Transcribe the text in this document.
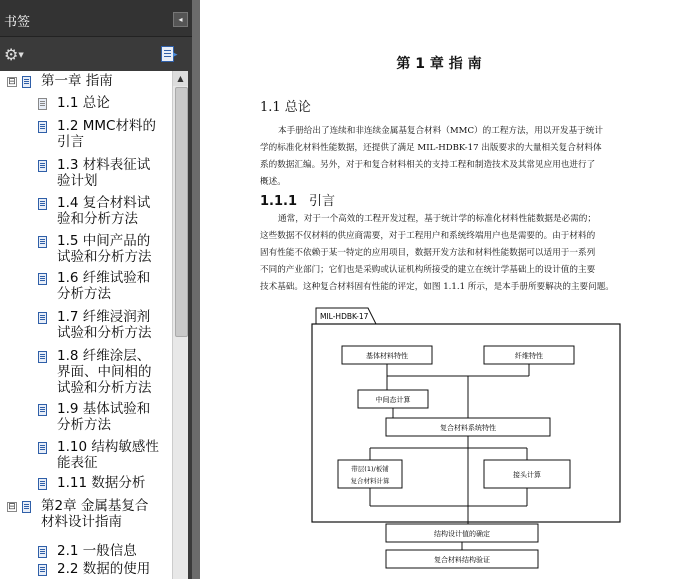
书签	◂
⚙▼	▸
⊟ 第一章 指南
1.1 总论
1.2 MMC材料的
引言
1.3 材料表征试
验计划
1.4 复合材料试
验和分析方法
1.5 中间产品的
试验和分析方法
1.6 纤维试验和
分析方法
1.7 纤维浸润剂
试验和分析方法
1.8 纤维涂层、
界面、中间相的
试验和分析方法
1.9 基体试验和
分析方法
1.10 结构敏感性
能表征
1.11 数据分析
⊟ 第2章 金属基复合
材料设计指南
2.1 一般信息
2.2 数据的使用
▲
第 1 章 指 南
1.1 总论
本手册给出了连续和非连续金属基复合材料（MMC）的工程方法，用以开发基于统计
学的标准化材料性能数据，还提供了满足 MIL-HDBK-17 出版要求的大量相关复合材料体
系的数据汇编。另外，对于和复合材料相关的支持工程和制造技术及其常见应用也进行了
概述。
1.1.1 引言
通常，对于一个高效的工程开发过程，基于统计学的标准化材料性能数据是必需的；
这些数据不仅材料的供应商需要，对于工程用户和系统终端用户也是需要的。由于材料的
固有性能不依赖于某一特定的应用项目，数据开发方法和材料性能数据可以适用于一系列
不同的产业部门；它们也是采购或认证机构所接受的建立在统计学基础上的设计值的主要
技术基础。这种复合材料固有性能的评定，如图 1.1.1 所示，是本手册所要解决的主要问题。
MIL-HDBK-17
基体材料特性	纤维特性
中间态计算
复合材料系统特性
带层(1)/板铺
复合材料计算
接头计算
结构设计值的确定
复合材料结构验证
